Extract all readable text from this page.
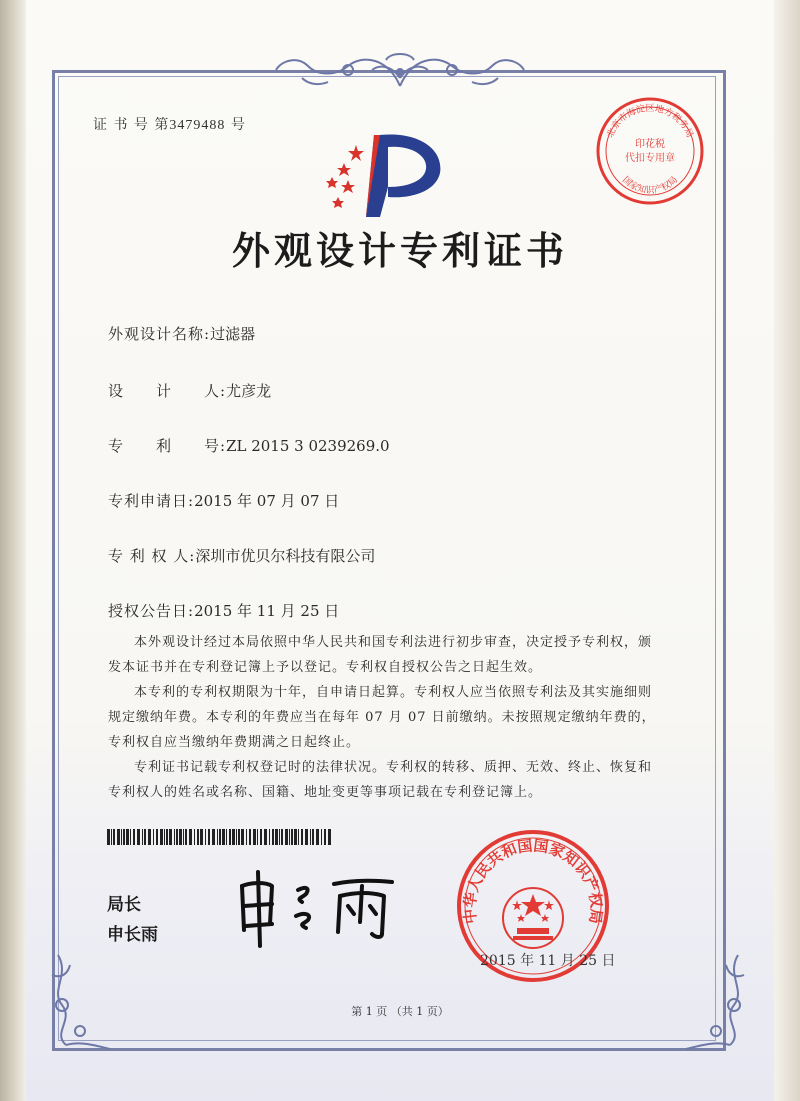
证 书 号 第3479488 号
北京市海淀区地方税务局
印花税
代扣专用章
国家知识产权局
外观设计专利证书
外观设计名称:过滤器
设　　计　　人:尤彦龙
专　　利　　号:ZL 2015 3 0239269.0
专利申请日:2015 年 07 月 07 日
专 利 权 人:深圳市优贝尔科技有限公司
授权公告日:2015 年 11 月 25 日

本外观设计经过本局依照中华人民共和国专利法进行初步审查，决定授予专利权，颁发本证书并在专利登记簿上予以登记。专利权自授权公告之日起生效。

本专利的专利权期限为十年，自申请日起算。专利权人应当依照专利法及其实施细则规定缴纳年费。本专利的年费应当在每年 07 月 07 日前缴纳。未按照规定缴纳年费的，专利权自应当缴纳年费期满之日起终止。

专利证书记载专利权登记时的法律状况。专利权的转移、质押、无效、终止、恢复和专利权人的姓名或名称、国籍、地址变更等事项记载在专利登记簿上。

局长
申长雨
中华人民共和国国家知识产权局
2015 年 11 月 25 日
第 1 页 （共 1 页）
